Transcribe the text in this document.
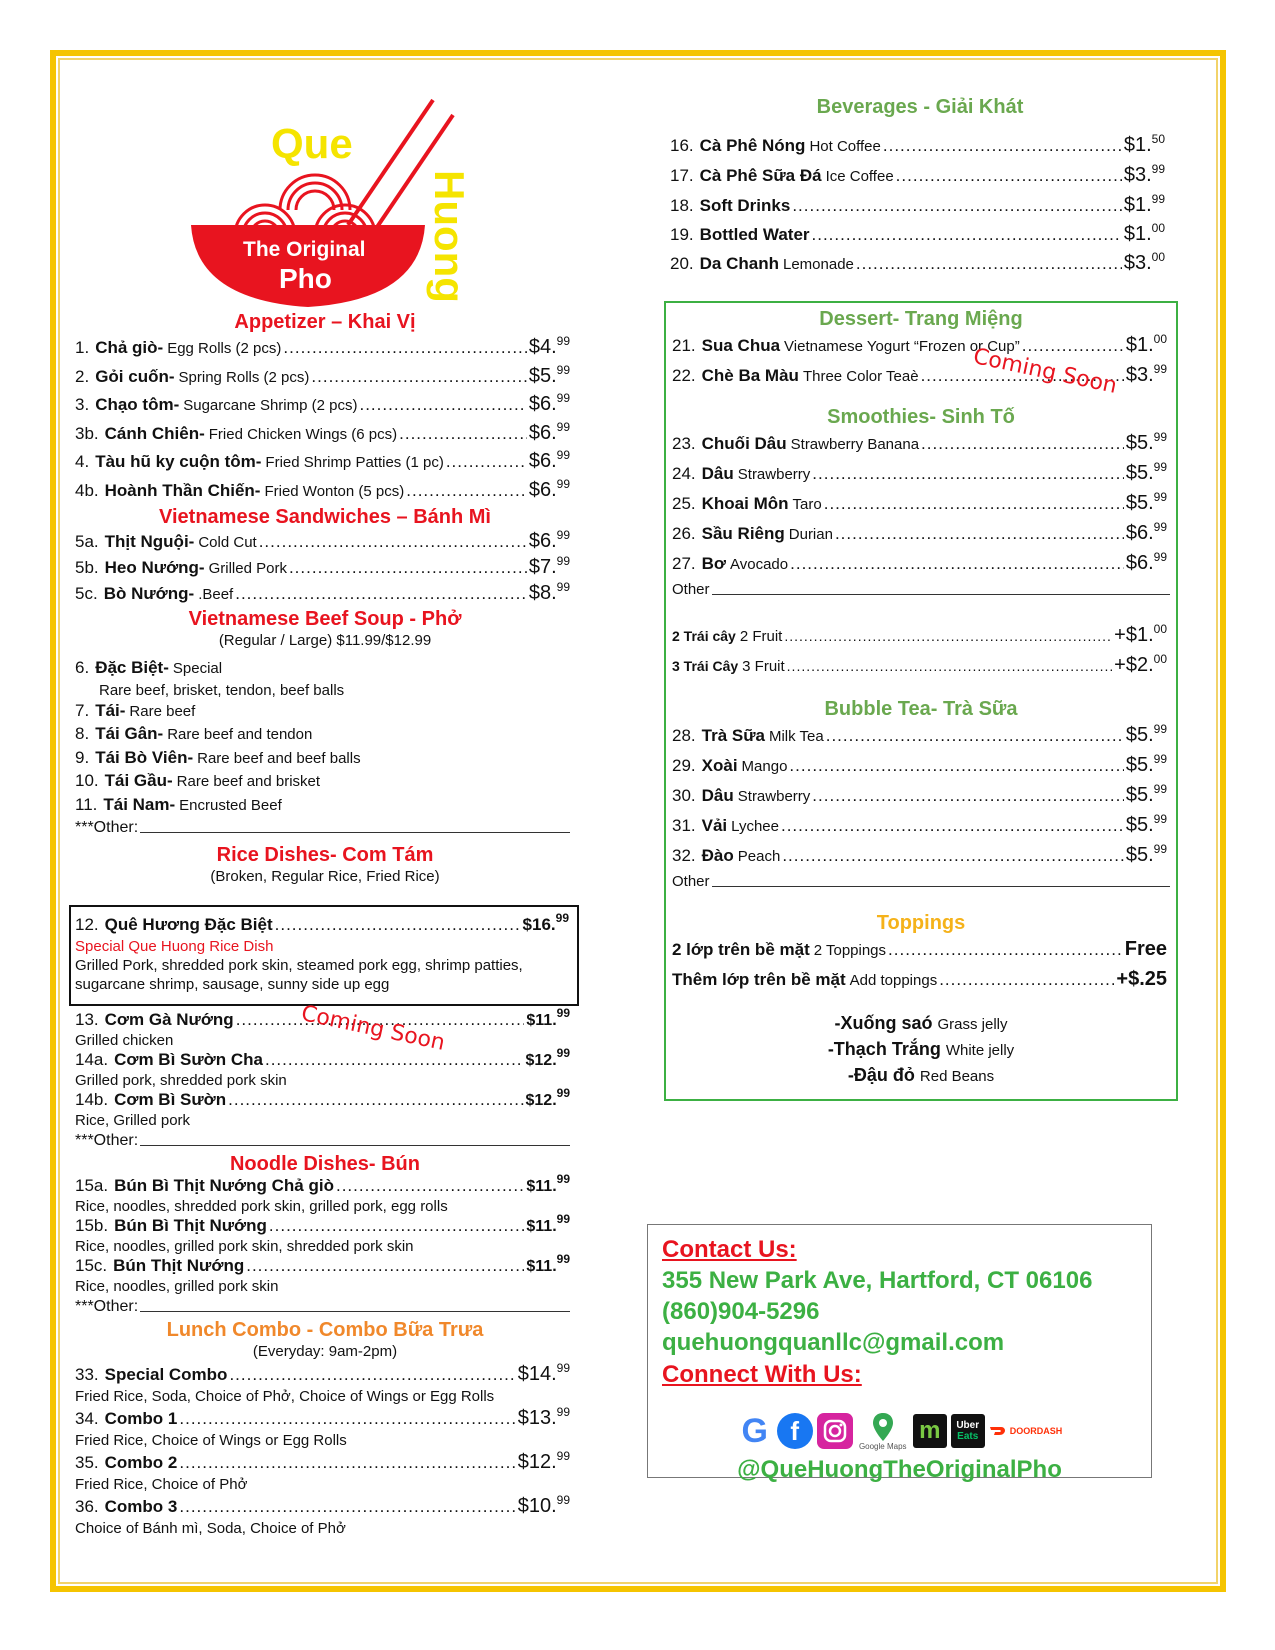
Que
Huong
The Original
Pho
Appetizer – Khai Vị
1. Chả giò- Egg Rolls (2 pcs) .....	$4.99
2. Gỏi cuốn- Spring Rolls (2 pcs) .....	$5.99
3. Chạo tôm- Sugarcane Shrimp (2 pcs) .....	$6.99
3b. Cánh Chiên- Fried Chicken Wings (6 pcs) .....	$6.99
4. Tàu hũ ky cuộn tôm- Fried Shrimp Patties (1 pc) .....	$6.99
4b. Hoành Thần Chiến- Fried Wonton (5 pcs) .....	$6.99
Vietnamese Sandwiches – Bánh Mì
5a. Thịt Nguội- Cold Cut .....	$6.99
5b. Heo Nướng- Grilled Pork .....	$7.99
5c. Bò Nướng- .Beef .....	$8.99
Vietnamese Beef Soup - Phở
(Regular / Large) $11.99/$12.99
6. Đặc Biệt- Special
Rare beef, brisket, tendon, beef balls
7. Tái- Rare beef
8. Tái Gân- Rare beef and tendon
9. Tái Bò Viên- Rare beef and beef balls
10. Tái Gầu- Rare beef and brisket
11. Tái Nam- Encrusted Beef
***Other:
Rice Dishes- Com Tám
(Broken, Regular Rice, Fried Rice)
12. Quê Hương Đặc Biệt .....	$16.99
Special Que Huong Rice Dish
Grilled Pork, shredded pork skin, steamed pork egg, shrimp patties, sugarcane shrimp, sausage, sunny side up egg
Coming Soon
13. Cơm Gà Nướng .....	$11.99
Grilled chicken
14a. Cơm Bì Sườn Cha .....	$12.99
Grilled pork, shredded pork skin
14b. Cơm Bì Sườn .....	$12.99
Rice, Grilled pork
***Other:
Noodle Dishes- Bún
15a. Bún Bì Thịt Nướng Chả giò .....	$11.99
Rice, noodles, shredded pork skin, grilled pork, egg rolls
15b. Bún Bì Thịt Nướng .....	$11.99
Rice, noodles, grilled pork skin, shredded pork skin
15c. Bún Thịt Nướng .....	$11.99
Rice, noodles, grilled pork skin
***Other:
Lunch Combo - Combo Bữa Trưa
(Everyday: 9am-2pm)
33. Special Combo .....	$14.99
Fried Rice, Soda, Choice of Phở, Choice of Wings or Egg Rolls
34. Combo 1 .....	$13.99
Fried Rice, Choice of Wings or Egg Rolls
35. Combo 2 .....	$12.99
Fried Rice, Choice of Phở
36. Combo 3 .....	$10.99
Choice of Bánh mì, Soda, Choice of Phở
Beverages - Giải Khát
16. Cà Phê Nóng Hot Coffee .....	$1.50
17. Cà Phê Sữa Đá Ice Coffee .....	$3.99
18. Soft Drinks .....	$1.99
19. Bottled Water .....	$1.00
20. Da Chanh Lemonade .....	$3.00
Dessert- Trang Miệng
Coming Soon
21. Sua Chua Vietnamese Yogurt “Frozen or Cup” .....	$1.00
22. Chè Ba Màu Three Color Teaè .....	$3.99
Smoothies- Sinh Tố
23. Chuối Dâu Strawberry Banana .....	$5.99
24. Dâu Strawberry .....	$5.99
25. Khoai Môn Taro .....	$5.99
26. Sầu Riêng Durian .....	$6.99
27. Bơ Avocado .....	$6.99
Other
2 Trái cây 2 Fruit .....	+$1.00
3 Trái Cây 3 Fruit .....	+$2.00
Bubble Tea- Trà Sữa
28. Trà Sữa Milk Tea .....	$5.99
29. Xoài Mango .....	$5.99
30. Dâu Strawberry .....	$5.99
31. Vải Lychee .....	$5.99
32. Đào Peach .....	$5.99
Other
Toppings
2 lớp trên bề mặt 2 Toppings .....	Free
Thêm lớp trên bề mặt Add toppings .....	+$.25
-Xuống saó Grass jelly
-Thạch Trắng White jelly
-Đậu đỏ Red Beans
Contact Us:
355 New Park Ave, Hartford, CT 06106
(860)904-5296
quehuongquanllc@gmail.com
Connect With Us:
G f
Google Maps
m	Uber
Eats	DOORDASH
@QueHuongTheOriginalPho
